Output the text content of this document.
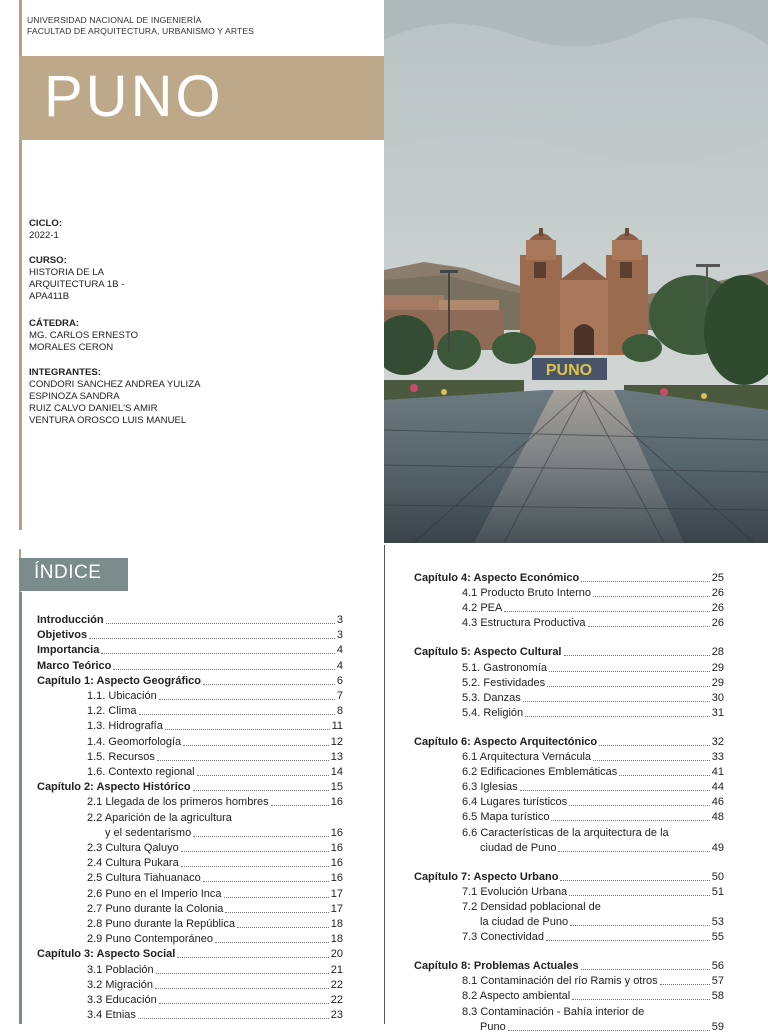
UNIVERSIDAD NACIONAL DE INGENIERÍA
FACULTAD DE ARQUITECTURA, URBANISMO Y ARTES
PUNO
CICLO:
2022-1
CURSO:
HISTORIA DE LA
ARQUITECTURA 1B -
APA411B
CÁTEDRA:
MG. CARLOS ERNESTO
MORALES CERON
INTEGRANTES:
CONDORI SANCHEZ ANDREA YULIZA
ESPINOZA SANDRA
RUIZ CALVO DANIEL'S AMIR
VENTURA OROSCO LUIS MANUEL
PUNO
ÍNDICE
Introducción	3
Objetivos	3
Importancia	4
Marco Teórico	4
Capítulo 1: Aspecto Geográfico	6
1.1. Ubicación	7
1.2. Clima	8
1.3. Hidrografía	11
1.4. Geomorfología	12
1.5. Recursos	13
1.6. Contexto regional	14
Capítulo 2: Aspecto Histórico	15
2.1 Llegada de los primeros hombres	16
2.2 Aparición de la agricultura
y el sedentarismo	16
2.3 Cultura Qaluyo	16
2.4 Cultura Pukara	16
2.5 Cultura Tiahuanaco	16
2.6 Puno en el Imperio Inca	17
2.7 Puno durante la Colonia	17
2.8 Puno durante la República	18
2.9 Puno Contemporáneo	18
Capítulo 3: Aspecto Social	20
3.1 Población	21
3.2 Migración	22
3.3 Educación	22
3.4 Etnias	23
Capítulo 4: Aspecto Económico	25
4.1 Producto Bruto Interno	26
4.2 PEA	26
4.3 Estructura Productiva	26
Capítulo 5: Aspecto Cultural	28
5.1. Gastronomía	29
5.2. Festividades	29
5.3. Danzas	30
5.4. Religión	31
Capítulo 6: Aspecto Arquitectónico	32
6.1 Arquitectura Vernácula	33
6.2 Edificaciones Emblemáticas	41
6.3 Iglesias	44
6.4 Lugares turísticos	46
6.5 Mapa turístico	48
6.6 Características de la arquitectura de la
ciudad de Puno	49
Capítulo 7: Aspecto Urbano	50
7.1 Evolución Urbana	51
7.2 Densidad poblacional de
la ciudad de Puno	53
7.3 Conectividad	55
Capítulo 8: Problemas Actuales	56
8.1 Contaminación del río Ramis y otros	57
8.2 Aspecto ambiental	58
8.3 Contaminación - Bahía interior de
Puno	59
